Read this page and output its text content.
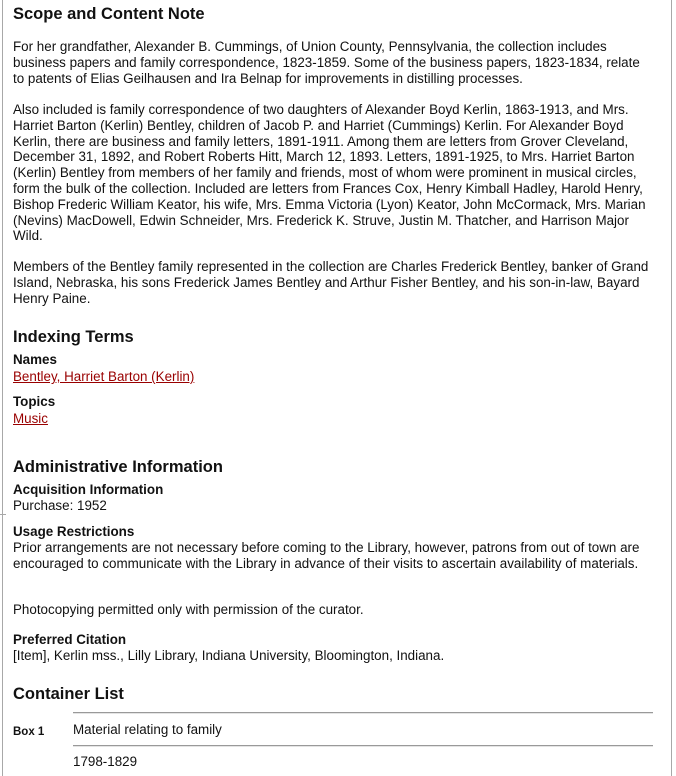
Scope and Content Note

For her grandfather, Alexander B. Cummings, of Union County, Pennsylvania, the collection includes business papers and family correspondence, 1823-1859. Some of the business papers, 1823-1834, relate to patents of Elias Geilhausen and Ira Belnap for improvements in distilling processes.

Also included is family correspondence of two daughters of Alexander Boyd Kerlin, 1863-1913, and Mrs. Harriet Barton (Kerlin) Bentley, children of Jacob P. and Harriet (Cummings) Kerlin. For Alexander Boyd Kerlin, there are business and family letters, 1891-1911. Among them are letters from Grover Cleveland, December 31, 1892, and Robert Roberts Hitt, March 12, 1893. Letters, 1891-1925, to Mrs. Harriet Barton (Kerlin) Bentley from members of her family and friends, most of whom were prominent in musical circles, form the bulk of the collection. Included are letters from Frances Cox, Henry Kimball Hadley, Harold Henry, Bishop Frederic William Keator, his wife, Mrs. Emma Victoria (Lyon) Keator, John McCormack, Mrs. Marian (Nevins) MacDowell, Edwin Schneider, Mrs. Frederick K. Struve, Justin M. Thatcher, and Harrison Major Wild.

Members of the Bentley family represented in the collection are Charles Frederick Bentley, banker of Grand Island, Nebraska, his sons Frederick James Bentley and Arthur Fisher Bentley, and his son-in-law, Bayard Henry Paine.

Indexing Terms
Names
Bentley, Harriet Barton (Kerlin)
Topics
Music
Administrative Information
Acquisition Information
Purchase: 1952
Usage Restrictions

Prior arrangements are not necessary before coming to the Library, however, patrons from out of town are encouraged to communicate with the Library in advance of their visits to ascertain availability of materials.

Photocopying permitted only with permission of the curator.

Preferred Citation
[Item], Kerlin mss., Lilly Library, Indiana University, Bloomington, Indiana.
Container List
Box 1 Material relating to family
1798-1829
